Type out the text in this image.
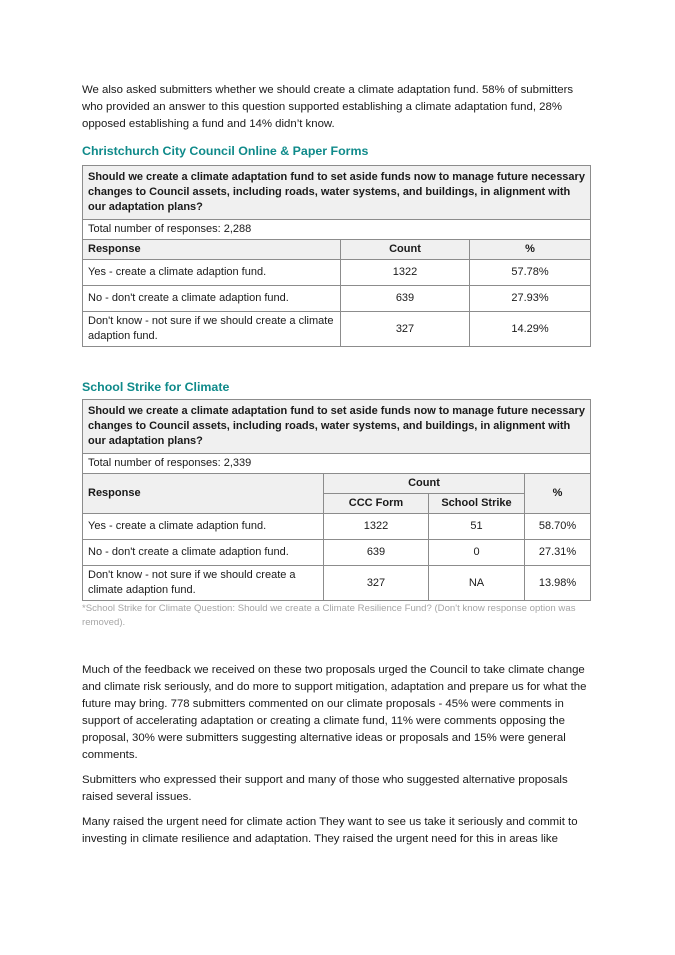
We also asked submitters whether we should create a climate adaptation fund. 58% of submitters who provided an answer to this question supported establishing a climate adaptation fund, 28% opposed establishing a fund and 14% didn’t know.

Christchurch City Council Online & Paper Forms
Should we create a climate adaptation fund to set aside funds now to manage future necessary changes to Council assets, including roads, water systems, and buildings, in alignment with our adaptation plans?		
Total number of responses: 2,288		
Response	Count	%
Yes - create a climate adaption fund.	1322	57.78%
No - don't create a climate adaption fund.	639	27.93%
Don't know - not sure if we should create a climate adaption fund.	327	14.29%
School Strike for Climate
Should we create a climate adaptation fund to set aside funds now to manage future necessary changes to Council assets, including roads, water systems, and buildings, in alignment with our adaptation plans?			
Total number of responses: 2,339			
Response	Count		%
	CCC Form	School Strike	
Yes - create a climate adaption fund.	1322	51	58.70%
No - don't create a climate adaption fund.	639	0	27.31%
Don't know - not sure if we should create a climate adaption fund.	327	NA	13.98%

*School Strike for Climate Question: Should we create a Climate Resilience Fund? (Don't know response option was removed).

Much of the feedback we received on these two proposals urged the Council to take climate change and climate risk seriously, and do more to support mitigation, adaptation and prepare us for what the future may bring. 778 submitters commented on our climate proposals - 45% were comments in support of accelerating adaptation or creating a climate fund, 11% were comments opposing the proposal, 30% were submitters suggesting alternative ideas or proposals and 15% were general comments.

Submitters who expressed their support and many of those who suggested alternative proposals raised several issues.

Many raised the urgent need for climate action They want to see us take it seriously and commit to investing in climate resilience and adaptation. They raised the urgent need for this in areas like
